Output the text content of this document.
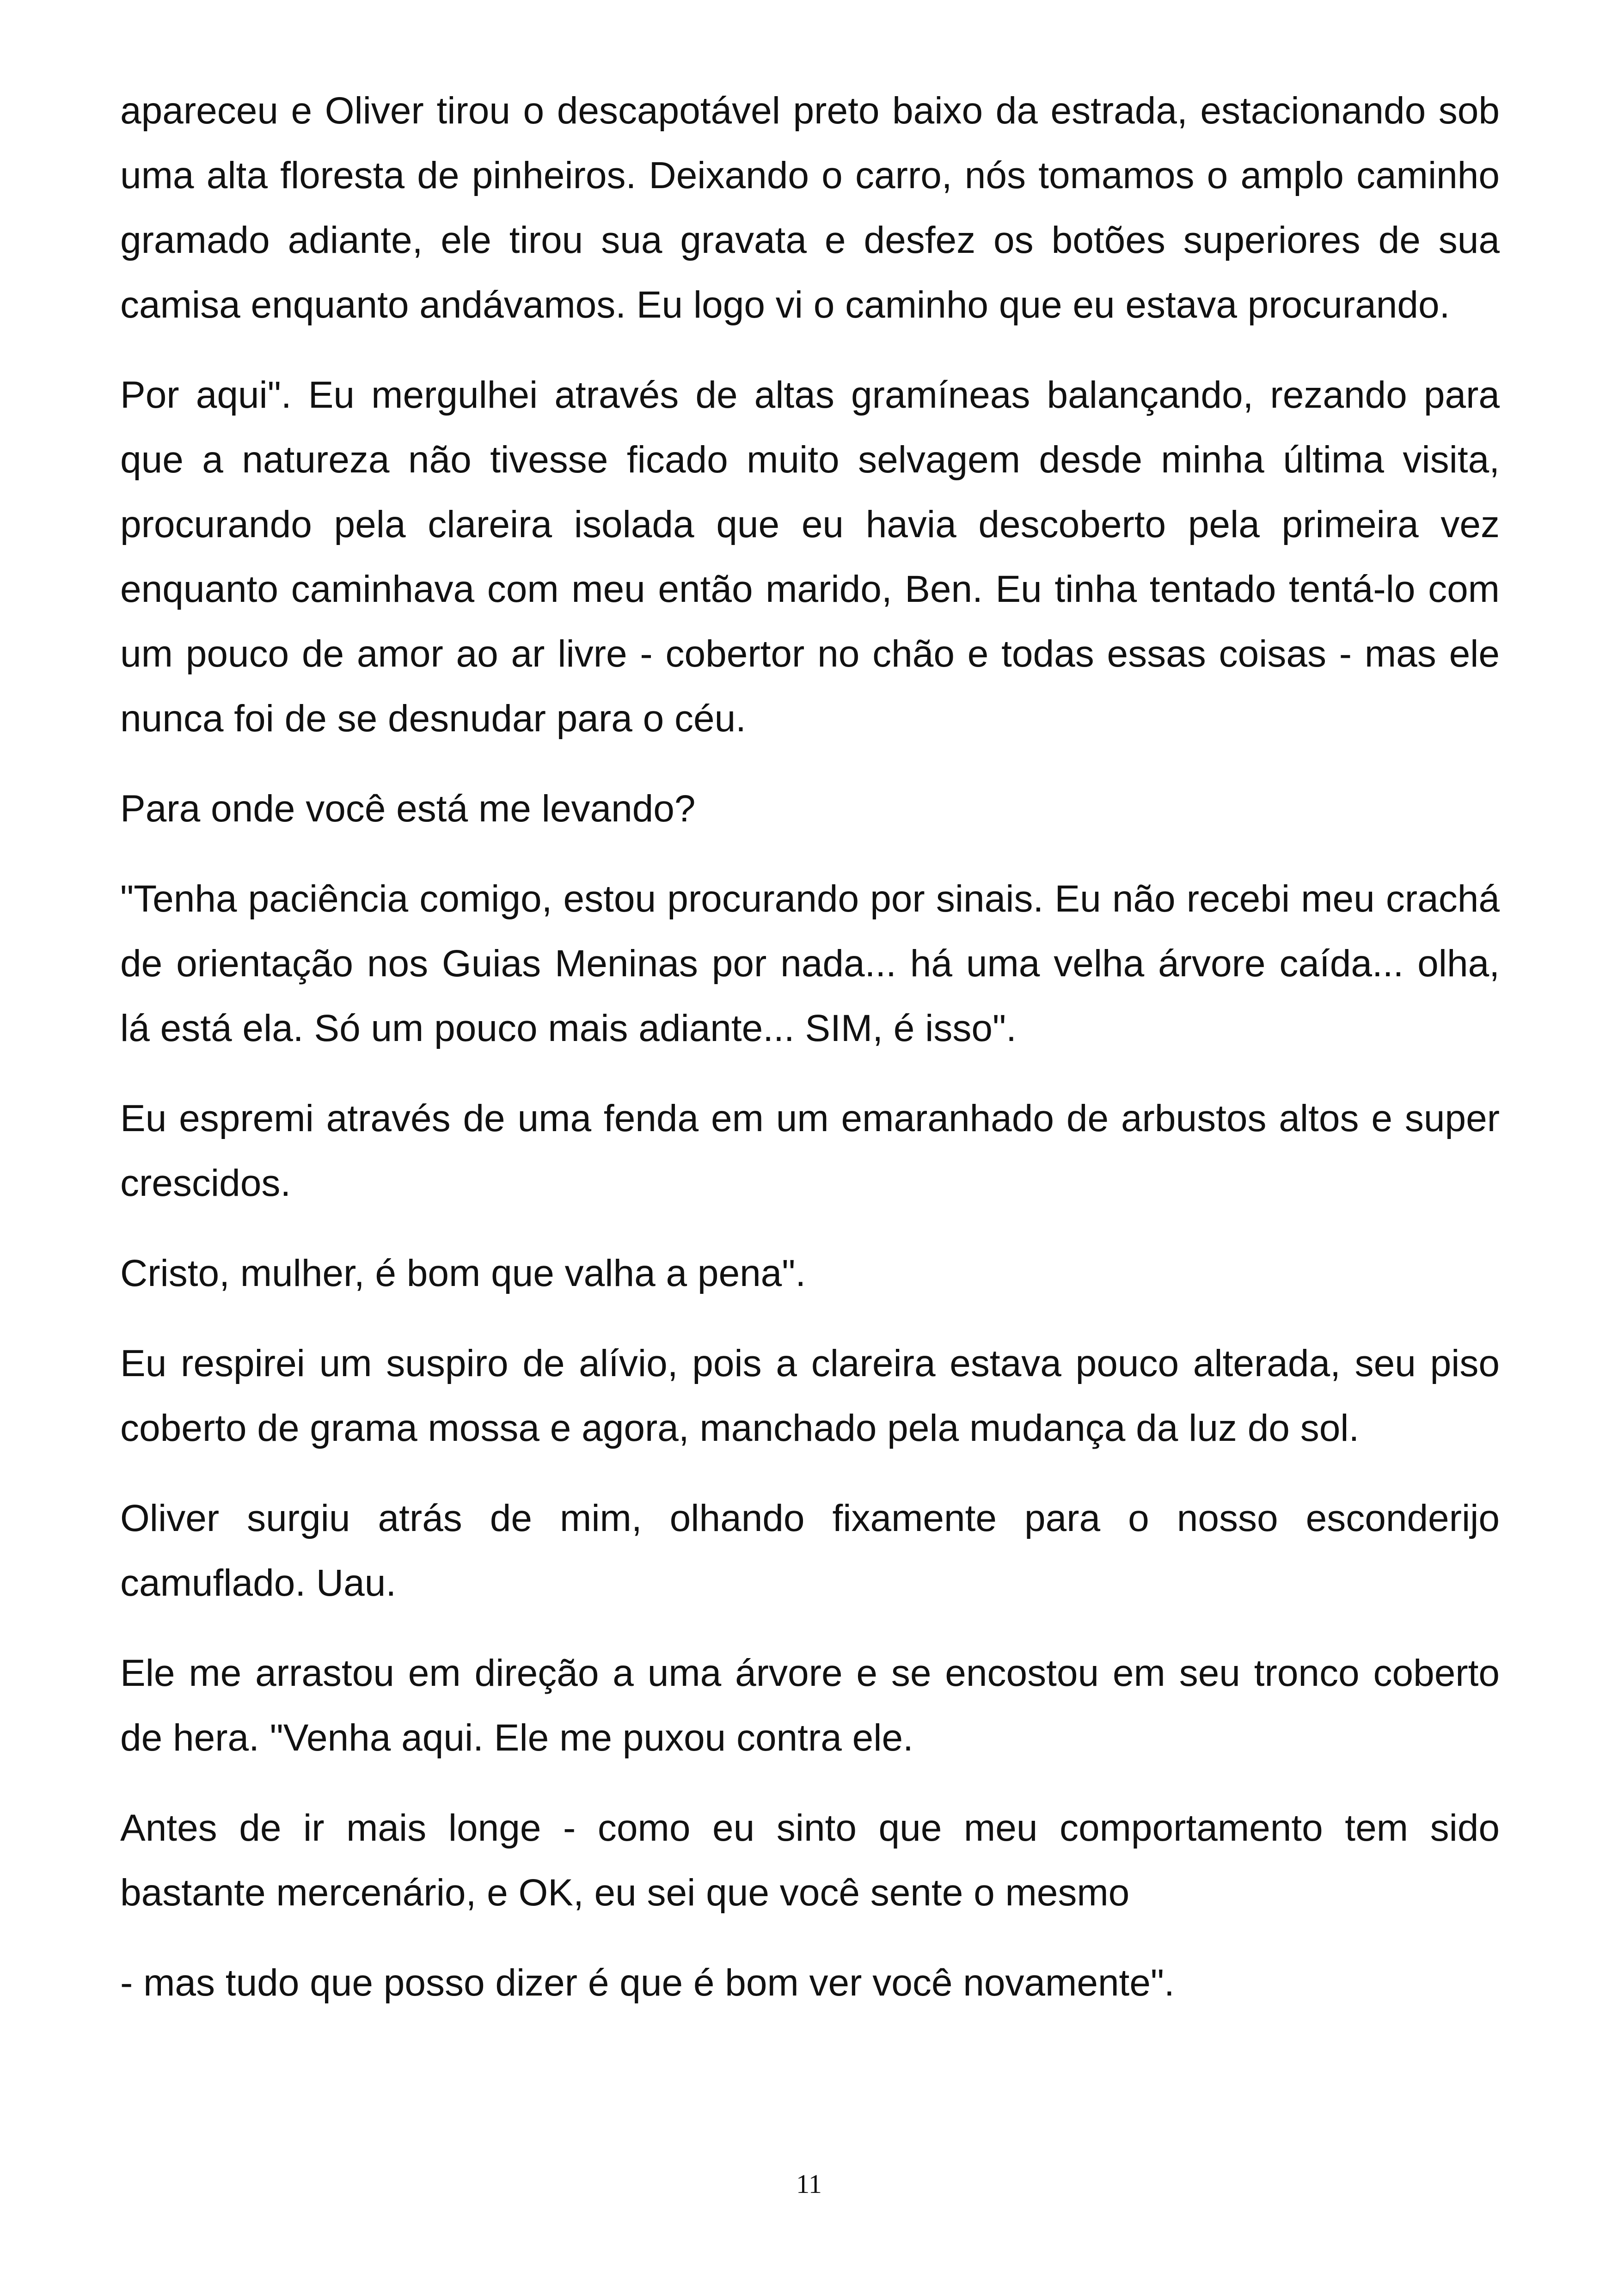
apareceu e Oliver tirou o descapotável preto baixo da estrada, estacionando sob uma alta floresta de pinheiros. Deixando o carro, nós tomamos o amplo caminho gramado adiante, ele tirou sua gravata e desfez os botões superiores de sua camisa enquanto andávamos. Eu logo vi o caminho que eu estava procurando.

Por aqui". Eu mergulhei através de altas gramíneas balançando, rezando para que a natureza não tivesse ficado muito selvagem desde minha última visita, procurando pela clareira isolada que eu havia descoberto pela primeira vez enquanto caminhava com meu então marido, Ben. Eu tinha tentado tentá-lo com um pouco de amor ao ar livre - cobertor no chão e todas essas coisas - mas ele nunca foi de se desnudar para o céu.

Para onde você está me levando?

"Tenha paciência comigo, estou procurando por sinais. Eu não recebi meu crachá de orientação nos Guias Meninas por nada... há uma velha árvore caída... olha, lá está ela. Só um pouco mais adiante... SIM, é isso".

Eu espremi através de uma fenda em um emaranhado de arbustos altos e super crescidos.

Cristo, mulher, é bom que valha a pena".

Eu respirei um suspiro de alívio, pois a clareira estava pouco alterada, seu piso coberto de grama mossa e agora, manchado pela mudança da luz do sol.

Oliver surgiu atrás de mim, olhando fixamente para o nosso esconderijo camuflado. Uau.

Ele me arrastou em direção a uma árvore e se encostou em seu tronco coberto de hera. "Venha aqui. Ele me puxou contra ele.

Antes de ir mais longe - como eu sinto que meu comportamento tem sido bastante mercenário, e OK, eu sei que você sente o mesmo

- mas tudo que posso dizer é que é bom ver você novamente".

11
